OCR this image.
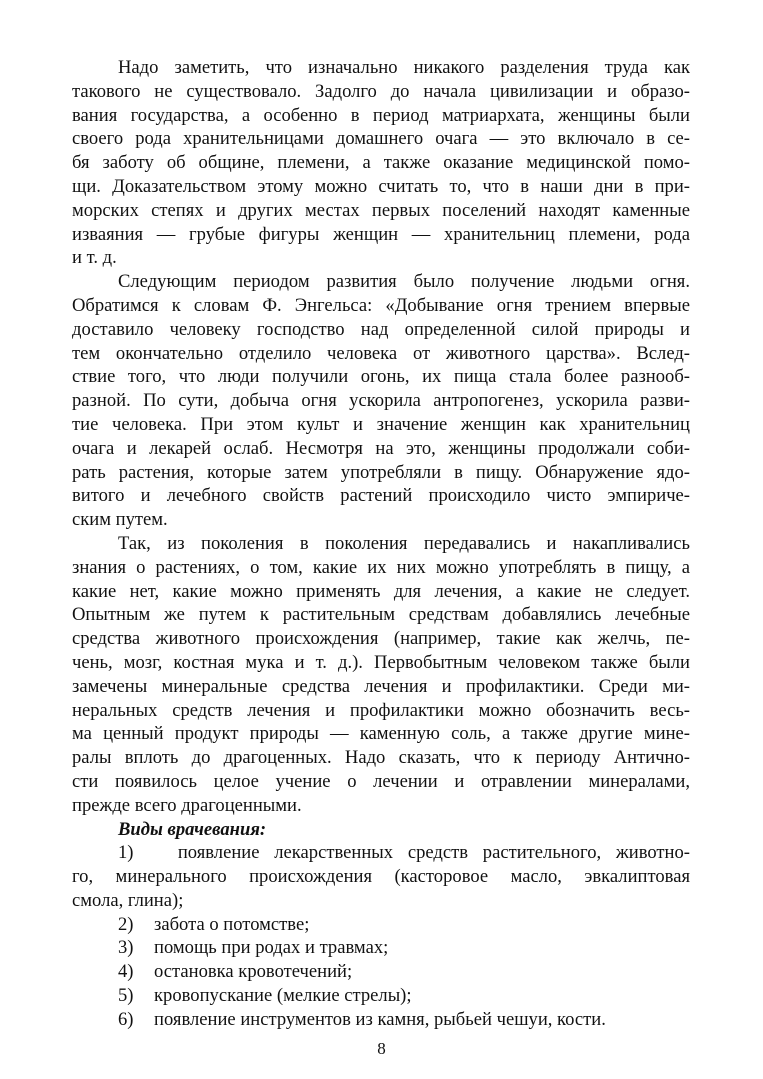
Надо заметить, что изначально никакого разделения труда как
такового не существовало. Задолго до начала цивилизации и образо-
вания государства, а особенно в период матриархата, женщины были
своего рода хранительницами домашнего очага — это включало в се-
бя заботу об общине, племени, а также оказание медицинской помо-
щи. Доказательством этому можно считать то, что в наши дни в при-
морских степях и других местах первых поселений находят каменные
изваяния — грубые фигуры женщин — хранительниц племени, рода
и т. д.
Следующим периодом развития было получение людьми огня.
Обратимся к словам Ф. Энгельса: «Добывание огня трением впервые
доставило человеку господство над определенной силой природы и
тем окончательно отделило человека от животного царства». Вслед-
ствие того, что люди получили огонь, их пища стала более разнооб-
разной. По сути, добыча огня ускорила антропогенез, ускорила разви-
тие человека. При этом культ и значение женщин как хранительниц
очага и лекарей ослаб. Несмотря на это, женщины продолжали соби-
рать растения, которые затем употребляли в пищу. Обнаружение ядо-
витого и лечебного свойств растений происходило чисто эмпириче-
ским путем.
Так, из поколения в поколения передавались и накапливались
знания о растениях, о том, какие их них можно употреблять в пищу, а
какие нет, какие можно применять для лечения, а какие не следует.
Опытным же путем к растительным средствам добавлялись лечебные
средства животного происхождения (например, такие как желчь, пе-
чень, мозг, костная мука и т. д.). Первобытным человеком также были
замечены минеральные средства лечения и профилактики. Среди ми-
неральных средств лечения и профилактики можно обозначить весь-
ма ценный продукт природы — каменную соль, а также другие мине-
ралы вплоть до драгоценных. Надо сказать, что к периоду Антично-
сти появилось целое учение о лечении и отравлении минералами,
прежде всего драгоценными.

Виды врачевания:

1) появление лекарственных средств растительного, животно-
го, минерального происхождения (касторовое масло, эвкалиптовая
смола, глина);
2) забота о потомстве;
3) помощь при родах и травмах;
4) остановка кровотечений;
5) кровопускание (мелкие стрелы);
6) появление инструментов из камня, рыбьей чешуи, кости.
8
